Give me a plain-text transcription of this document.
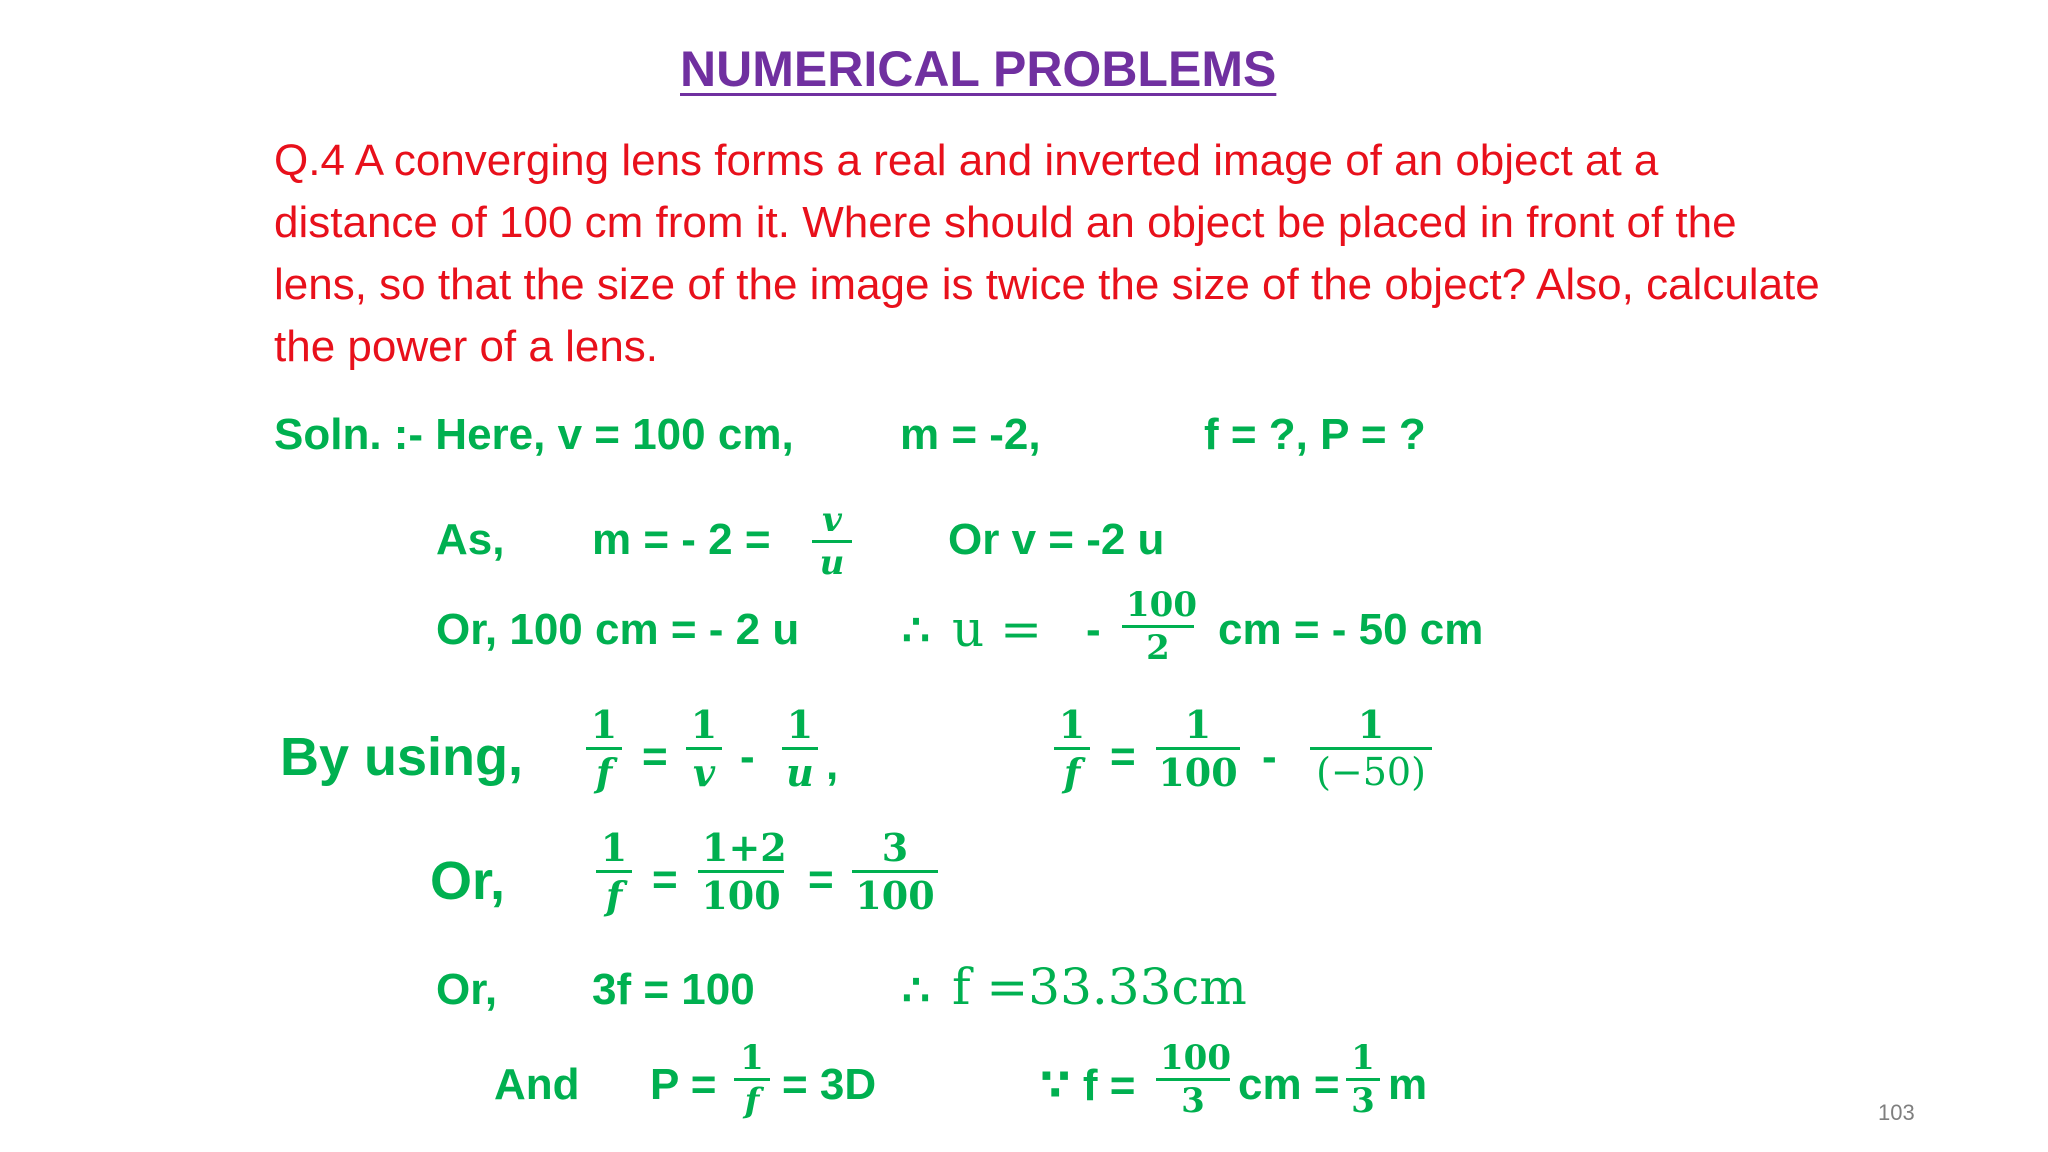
NUMERICAL PROBLEMS
Q.4 A converging lens forms a real and inverted image of an object at a distance of 100 cm from it. Where should an object be placed in front of the lens, so that the size of the image is twice the size of the object? Also, calculate the power of a lens.
Soln. :- Here, v = 100 cm, m = -2,	f = ?, P = ?
As, m = - $2 = \frac{v}{u}$ Or v = -2 u
Or, 100 cm = - 2 u ∴ u = - $\frac{100}{2}$ cm = - 50 cm
By using, $\frac{1}{f} = \frac{1}{v} - \frac{1}{u}$ ,	$\frac{1}{f} = \frac{1}{100} - \frac{1}{(-50)}$
Or, $\frac{1}{f} = \frac{1+2}{100} = \frac{3}{100}$
Or, 3f = 100	∴ f =33.33cm
And $P = \frac{1}{f} = 3D$	∵ $f = \frac{100}{3}$ cm = $\frac{1}{3}$ m
103
